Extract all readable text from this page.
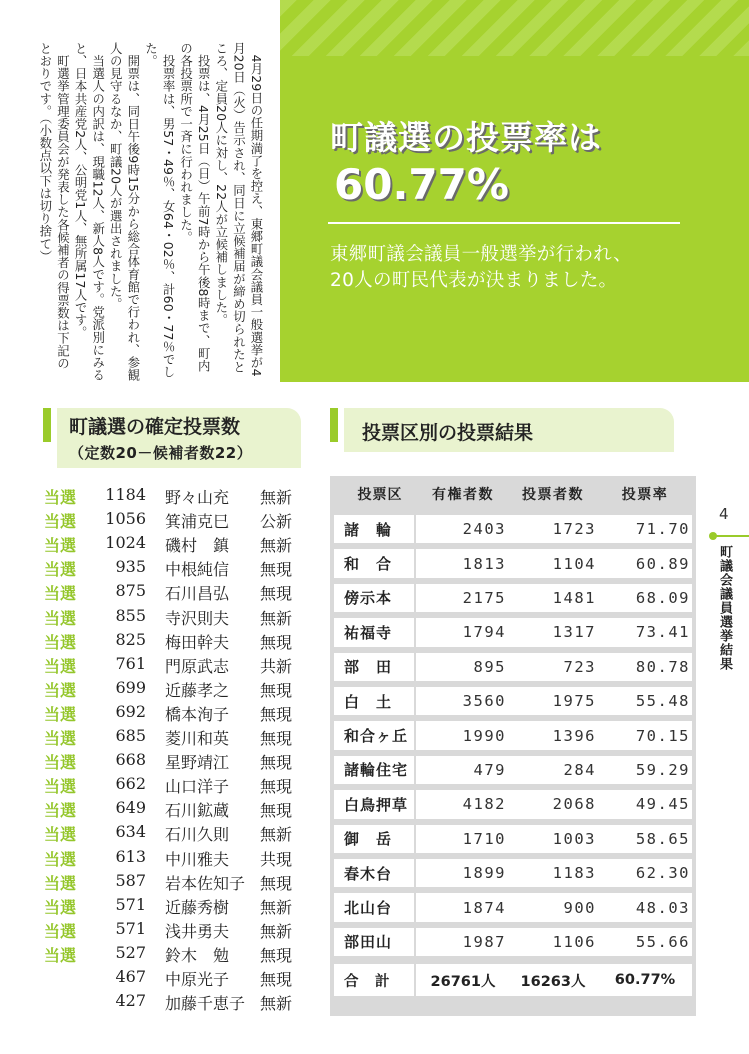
　4月29日の任期満了を控え、東郷町議会議員一般選挙が4月20日（火）告示され、同日に立候補届が締め切られたところ、定員20人に対し、22人が立候補しました。

　投票は、4月25日（日）午前7時から午後8時まで、町内の各投票所で一斉に行われました。

　投票率は、男57・49％、女64・02％、計60・77％でした。

　開票は、同日午後9時15分から総合体育館で行われ、参観人の見守るなか、町議20人が選出されました。

　当選人の内訳は、現職12人、新人8人です。党派別にみると、日本共産党2人、公明党1人、無所属17人です。

　町選挙管理委員会が発表した各候補者の得票数は下記のとおりです。（小数点以下は切り捨て）	町議選の投票率は
60.77%
東郷町議会議員一般選挙が行われ、
20人の町民代表が決まりました。
町議選の確定投票数
（定数20－候補者数22）
当選	1184 野々山充	無新
当選	1056 箕浦克巳	公新
当選	1024 磯村　鎮	無新
当選	935 中根純信	無現
当選	875 石川昌弘	無現
当選	855 寺沢則夫	無新
当選	825 梅田幹夫	無現
当選	761 門原武志	共新
当選	699 近藤孝之	無現
当選	692 橋本洵子	無現
当選	685 菱川和英	無現
当選	668 星野靖江	無現
当選	662 山口洋子	無現
当選	649 石川鉱蔵	無現
当選	634 石川久則	無新
当選	613 中川雅夫	共現
当選	587 岩本佐知子 無現
当選	571 近藤秀樹	無新
当選	571 浅井勇夫	無新
当選	527 鈴木　勉	無現
467 中原光子	無現
427 加藤千恵子 無新
投票区別の投票結果
投票区	有権者数	投票者数	投票率
諸　輪	2403	1723	71.70
和　合	1813	1104	60.89
傍示本	2175	1481	68.09
祐福寺	1794	1317	73.41
部　田	895	723	80.78
白　土	3560	1975	55.48
和合ヶ丘	1990	1396	70.15
諸輪住宅	479	284	59.29
白鳥押草	4182	2068	49.45
御　岳	1710	1003	58.65
春木台	1899	1183	62.30
北山台	1874	900	48.03
部田山	1987	1106	55.66
合　計	26761人	16263人	60.77%
4
町議会議員選挙結果
